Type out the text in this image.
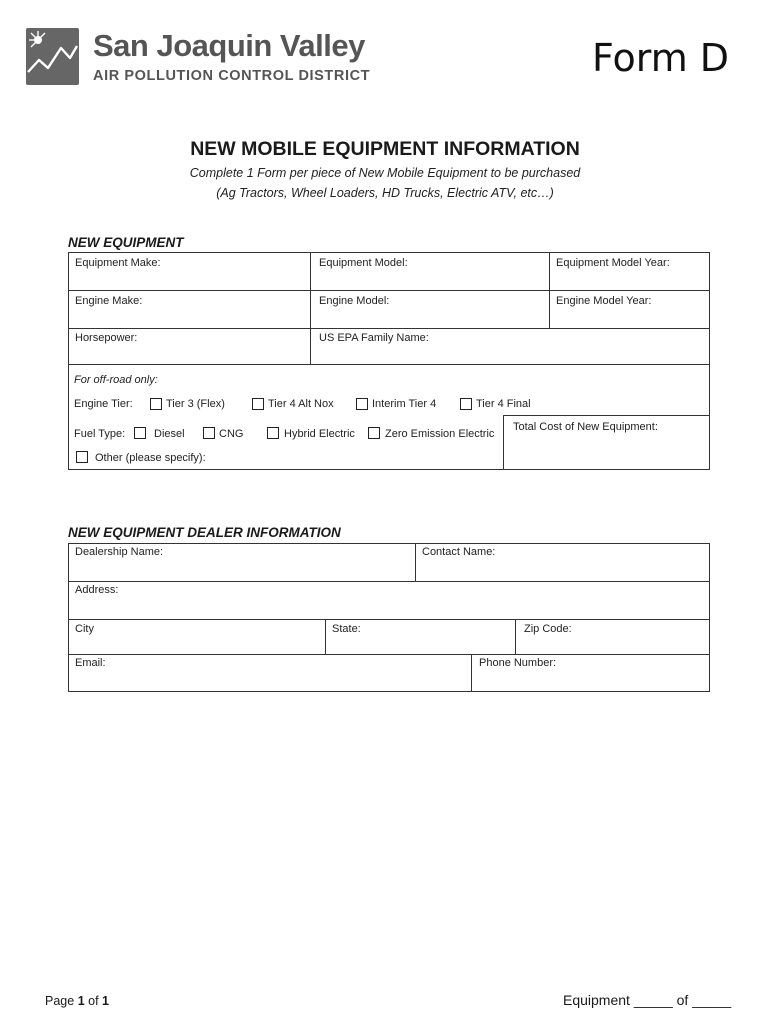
San Joaquin Valley
AIR POLLUTION CONTROL DISTRICT	Form D
NEW MOBILE EQUIPMENT INFORMATION
Complete 1 Form per piece of New Mobile Equipment to be purchased
(Ag Tractors, Wheel Loaders, HD Trucks, Electric ATV, etc…)
NEW EQUIPMENT
Equipment Make:	Equipment Model:	Equipment Model Year:
Engine Make:	Engine Model:	Engine Model Year:
Horsepower:	US EPA Family Name:
Total Cost of New Equipment:
For off-road only:
Engine Tier:	Tier 3 (Flex)	Tier 4 Alt Nox	Interim Tier 4	Tier 4 Final
Fuel Type:	Diesel	CNG	Hybrid Electric	Zero Emission Electric
Other (please specify):
NEW EQUIPMENT DEALER INFORMATION
Dealership Name:	Contact Name:
Address:
City	State:	Zip Code:
Email:	Phone Number:
Page 1 of 1	Equipment _____ of _____
